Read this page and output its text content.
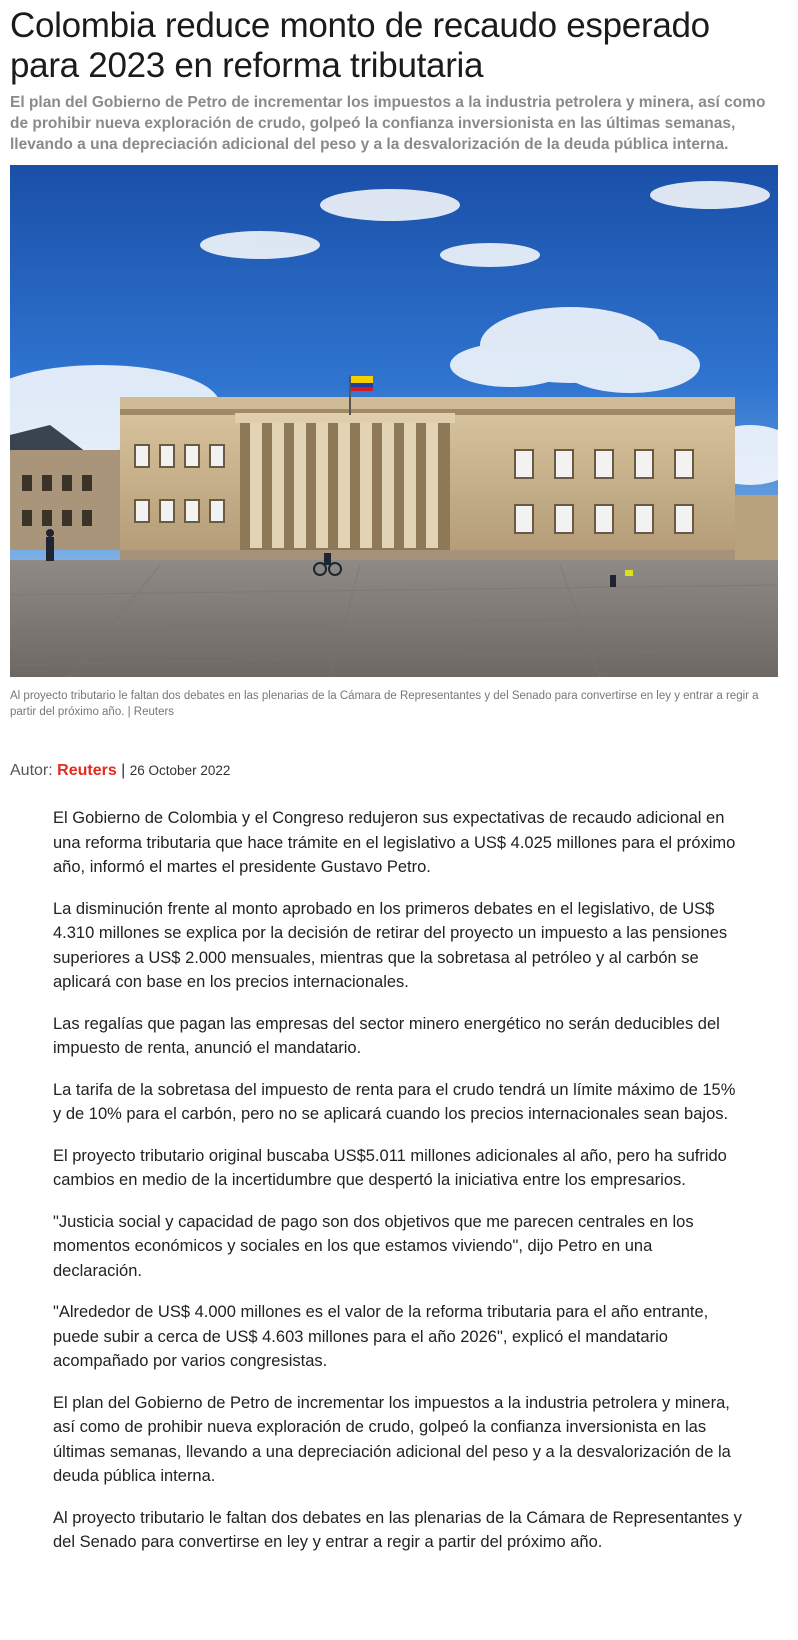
Colombia reduce monto de recaudo esperado para 2023 en reforma tributaria

El plan del Gobierno de Petro de incrementar los impuestos a la industria petrolera y minera, así como de prohibir nueva exploración de crudo, golpeó la confianza inversionista en las últimas semanas, llevando a una depreciación adicional del peso y a la desvalorización de la deuda pública interna.

Al proyecto tributario le faltan dos debates en las plenarias de la Cámara de Representantes y del Senado para convertirse en ley y entrar a regir a partir del próximo año. | Reuters

Autor: Reuters | 26 October 2022

El Gobierno de Colombia y el Congreso redujeron sus expectativas de recaudo adicional en una reforma tributaria que hace trámite en el legislativo a US$ 4.025 millones para el próximo año, informó el martes el presidente Gustavo Petro.

La disminución frente al monto aprobado en los primeros debates en el legislativo, de US$ 4.310 millones se explica por la decisión de retirar del proyecto un impuesto a las pensiones superiores a US$ 2.000 mensuales, mientras que la sobretasa al petróleo y al carbón se aplicará con base en los precios internacionales.

Las regalías que pagan las empresas del sector minero energético no serán deducibles del impuesto de renta, anunció el mandatario.

La tarifa de la sobretasa del impuesto de renta para el crudo tendrá un límite máximo de 15% y de 10% para el carbón, pero no se aplicará cuando los precios internacionales sean bajos.

El proyecto tributario original buscaba US$5.011 millones adicionales al año, pero ha sufrido cambios en medio de la incertidumbre que despertó la iniciativa entre los empresarios.

"Justicia social y capacidad de pago son dos objetivos que me parecen centrales en los momentos económicos y sociales en los que estamos viviendo", dijo Petro en una declaración.

"Alrededor de US$ 4.000 millones es el valor de la reforma tributaria para el año entrante, puede subir a cerca de US$ 4.603 millones para el año 2026", explicó el mandatario acompañado por varios congresistas.

El plan del Gobierno de Petro de incrementar los impuestos a la industria petrolera y minera, así como de prohibir nueva exploración de crudo, golpeó la confianza inversionista en las últimas semanas, llevando a una depreciación adicional del peso y a la desvalorización de la deuda pública interna.

Al proyecto tributario le faltan dos debates en las plenarias de la Cámara de Representantes y del Senado para convertirse en ley y entrar a regir a partir del próximo año.
